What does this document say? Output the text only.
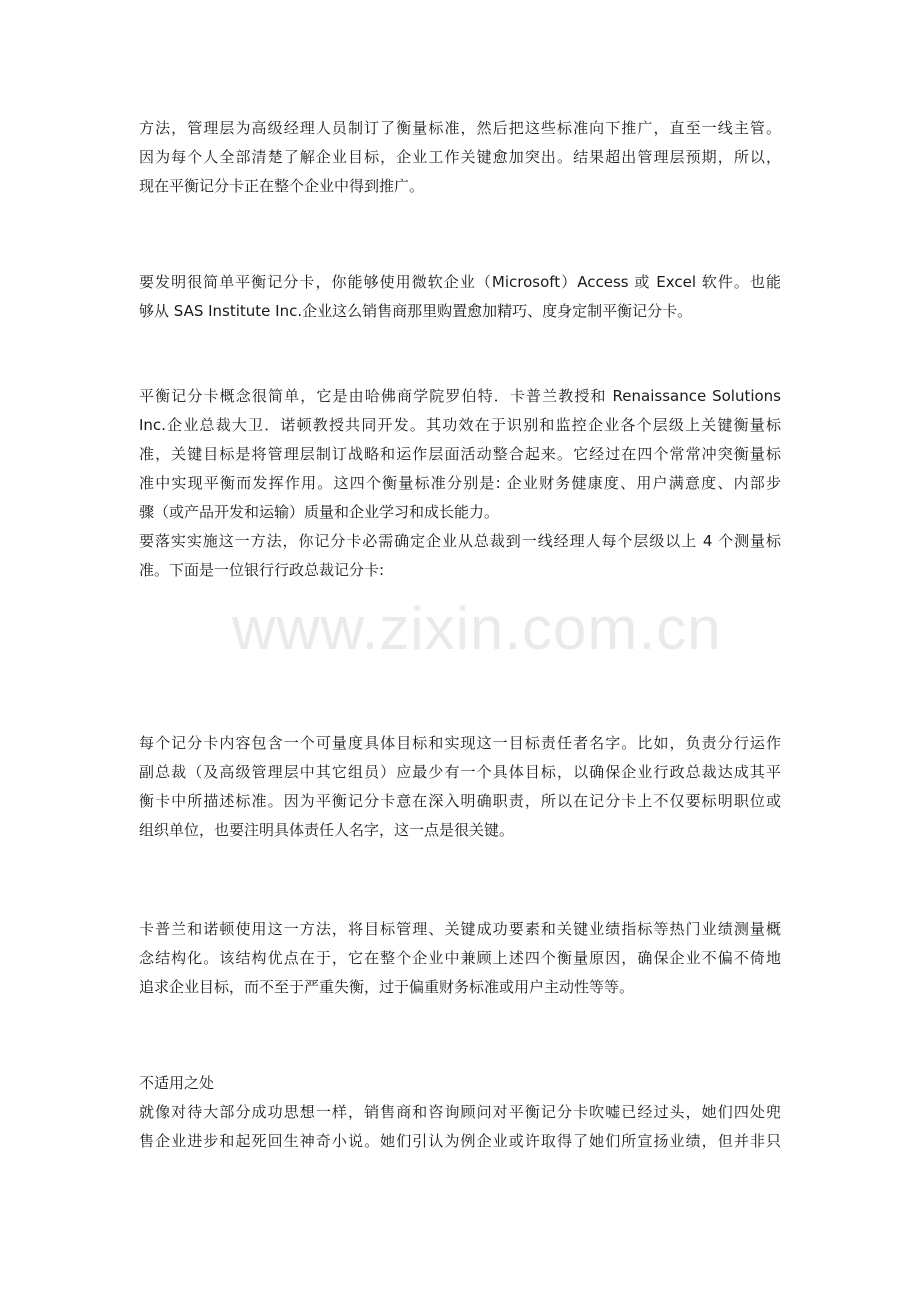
方法，管理层为高级经理人员制订了衡量标准，然后把这些标准向下推广，直至一线主管。
因为每个人全部清楚了解企业目标，企业工作关键愈加突出。结果超出管理层预期，所以，
现在平衡记分卡正在整个企业中得到推广。
要发明很简单平衡记分卡，你能够使用微软企业（Microsoft）Access 或 Excel 软件。也能
够从 SAS Institute Inc.企业这么销售商那里购置愈加精巧、度身定制平衡记分卡。
平衡记分卡概念很简单，它是由哈佛商学院罗伯特．卡普兰教授和 Renaissance Solutions
Inc.企业总裁大卫．诺顿教授共同开发。其功效在于识别和监控企业各个层级上关键衡量标
准，关键目标是将管理层制订战略和运作层面活动整合起来。它经过在四个常常冲突衡量标
准中实现平衡而发挥作用。这四个衡量标准分别是: 企业财务健康度、用户满意度、内部步
骤（或产品开发和运输）质量和企业学习和成长能力。
要落实实施这一方法，你记分卡必需确定企业从总裁到一线经理人每个层级以上 4 个测量标
准。下面是一位银行行政总裁记分卡:
每个记分卡内容包含一个可量度具体目标和实现这一目标责任者名字。比如，负责分行运作
副总裁（及高级管理层中其它组员）应最少有一个具体目标，以确保企业行政总裁达成其平
衡卡中所描述标准。因为平衡记分卡意在深入明确职责，所以在记分卡上不仅要标明职位或
组织单位，也要注明具体责任人名字，这一点是很关键。
卡普兰和诺顿使用这一方法，将目标管理、关键成功要素和关键业绩指标等热门业绩测量概
念结构化。该结构优点在于，它在整个企业中兼顾上述四个衡量原因，确保企业不偏不倚地
追求企业目标，而不至于严重失衡，过于偏重财务标准或用户主动性等等。
不适用之处
就像对待大部分成功思想一样，销售商和咨询顾问对平衡记分卡吹嘘已经过头，她们四处兜
售企业进步和起死回生神奇小说。她们引认为例企业或许取得了她们所宣扬业绩，但并非只
www.zixin.com.cn
